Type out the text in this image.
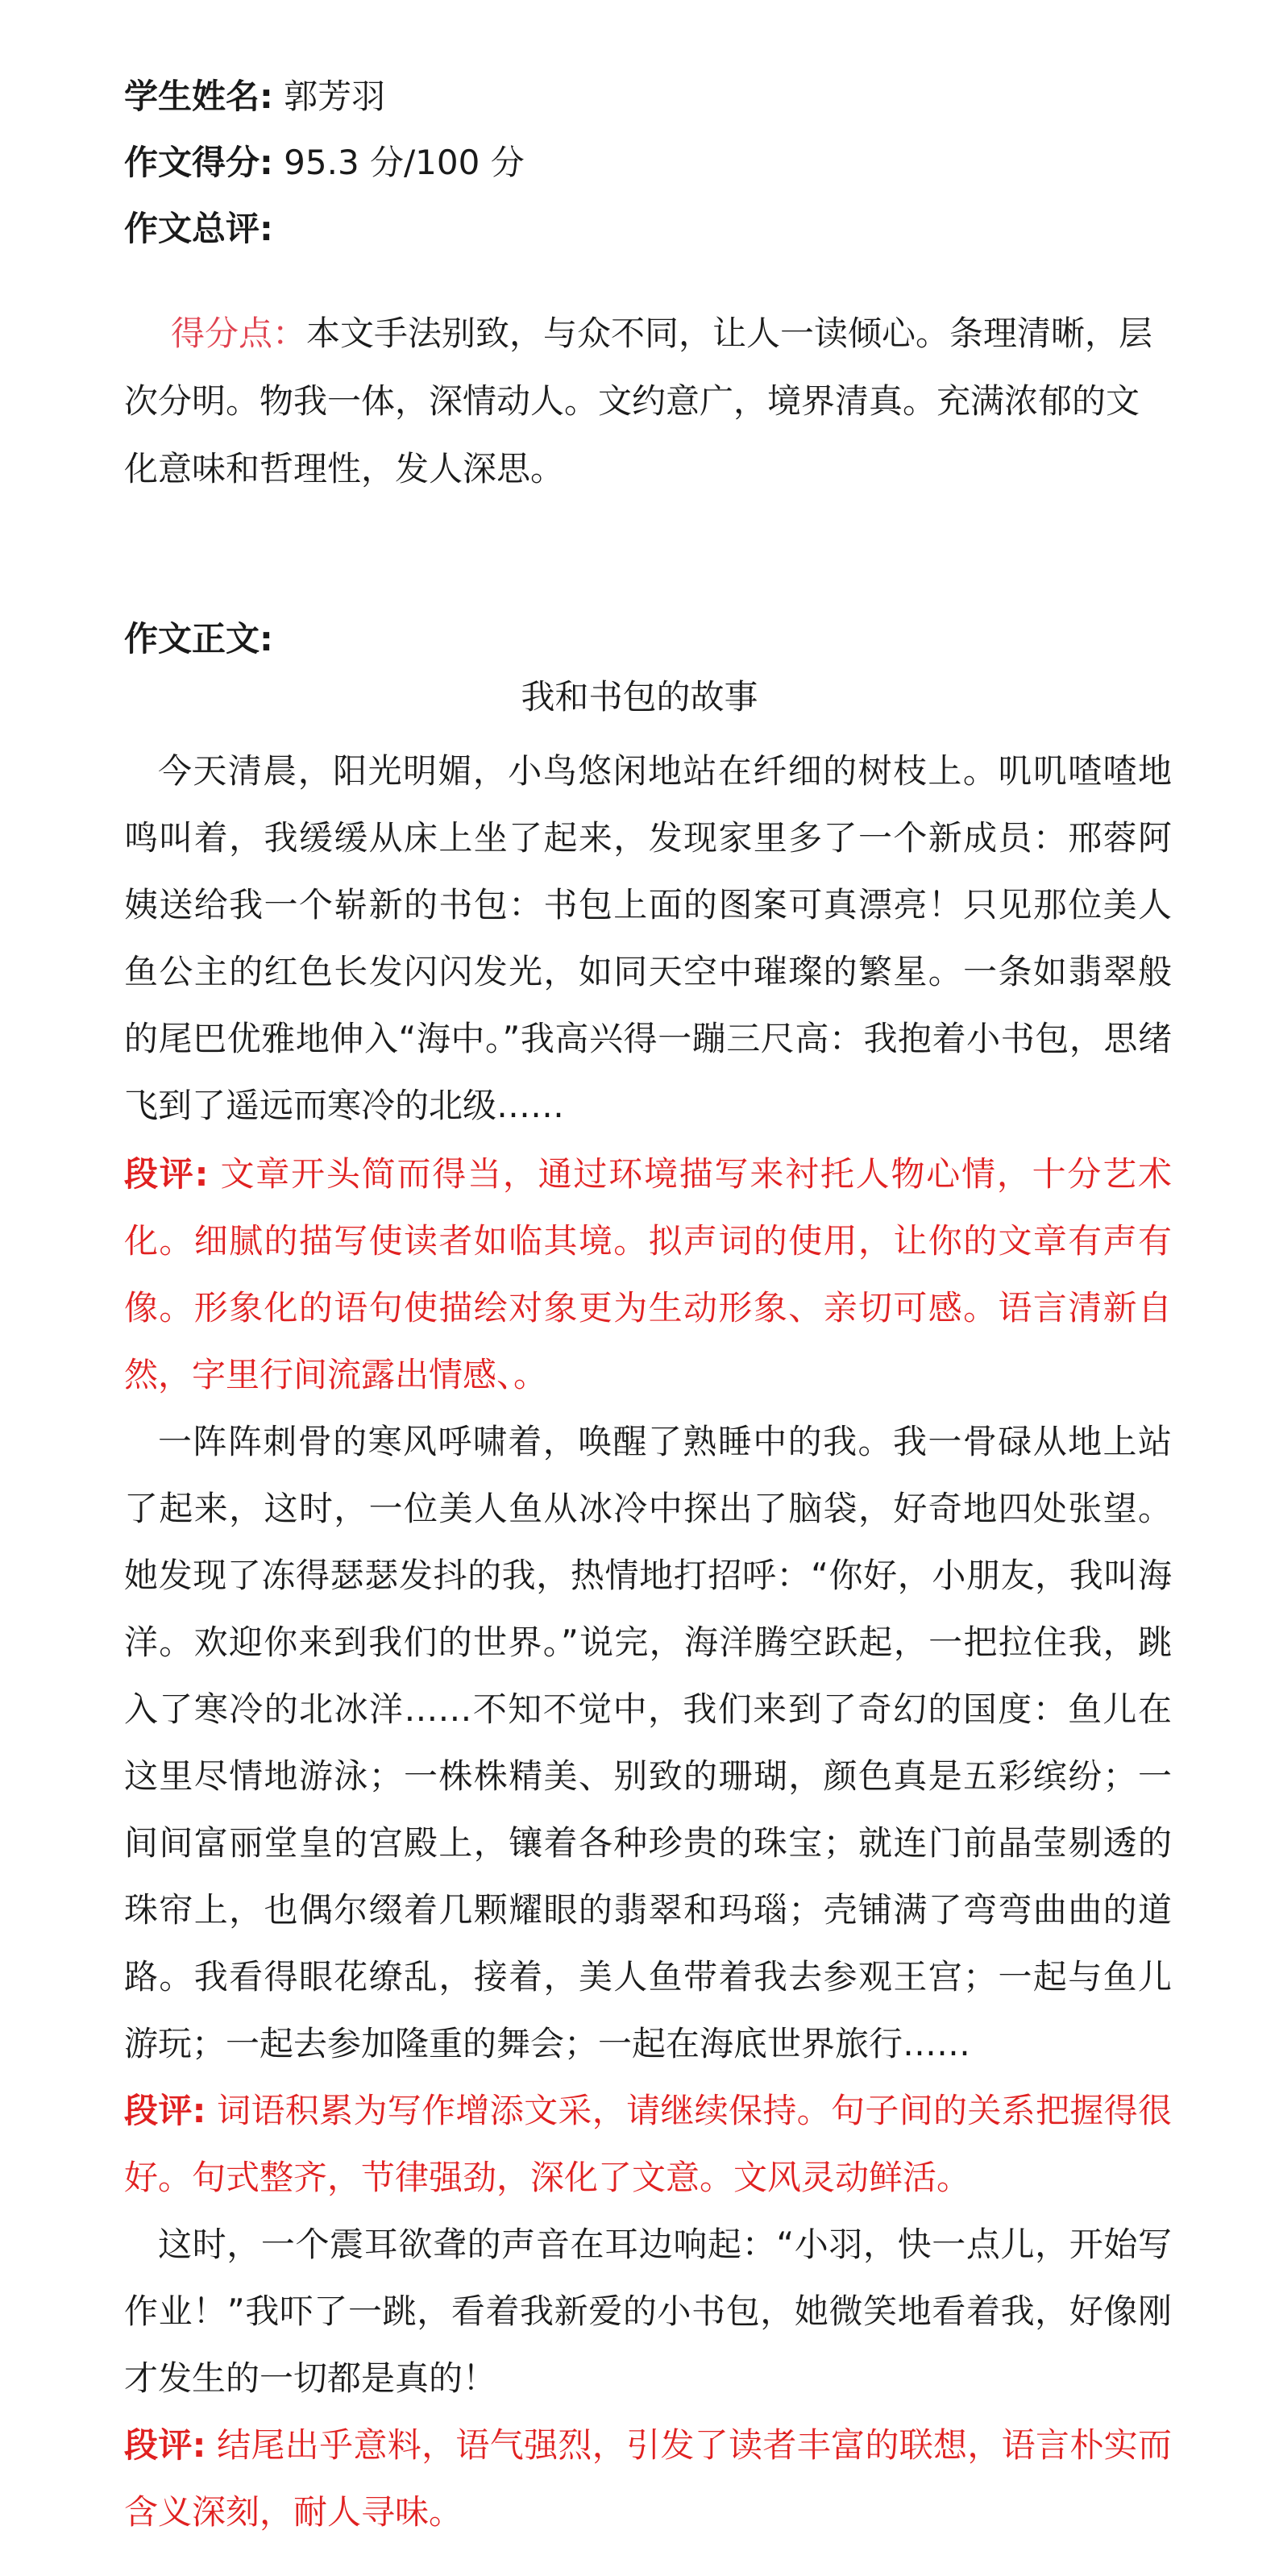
学生姓名: 郭芳羽
作文得分: 95.3 分/100 分
作文总评:
得分点：本文手法别致，与众不同，让人一读倾心。条理清晰，层次分明。物我一体，深情动人。文约意广，境界清真。充满浓郁的文化意味和哲理性，发人深思。
作文正文:
我和书包的故事
今天清晨，阳光明媚，小鸟悠闲地站在纤细的树枝上。叽叽喳喳地鸣叫着，我缓缓从床上坐了起来，发现家里多了一个新成员：邢蓉阿姨送给我一个崭新的书包：书包上面的图案可真漂亮！只见那位美人鱼公主的红色长发闪闪发光，如同天空中璀璨的繁星。一条如翡翠般的尾巴优雅地伸入“海中。”我高兴得一蹦三尺高：我抱着小书包，思绪飞到了遥远而寒冷的北级……
段评: 文章开头简而得当，通过环境描写来衬托人物心情，十分艺术化。细腻的描写使读者如临其境。拟声词的使用，让你的文章有声有像。形象化的语句使描绘对象更为生动形象、亲切可感。语言清新自然，字里行间流露出情感、。
一阵阵刺骨的寒风呼啸着，唤醒了熟睡中的我。我一骨碌从地上站了起来，这时，一位美人鱼从冰冷中探出了脑袋，好奇地四处张望。她发现了冻得瑟瑟发抖的我，热情地打招呼：“你好，小朋友，我叫海洋。欢迎你来到我们的世界。”说完，海洋腾空跃起，一把拉住我，跳入了寒冷的北冰洋……不知不觉中，我们来到了奇幻的国度：鱼儿在这里尽情地游泳；一株株精美、别致的珊瑚，颜色真是五彩缤纷；一间间富丽堂皇的宫殿上，镶着各种珍贵的珠宝；就连门前晶莹剔透的珠帘上，也偶尔缀着几颗耀眼的翡翠和玛瑙；壳铺满了弯弯曲曲的道路。我看得眼花缭乱，接着，美人鱼带着我去参观王宫；一起与鱼儿游玩；一起去参加隆重的舞会；一起在海底世界旅行……
段评: 词语积累为写作增添文采，请继续保持。句子间的关系把握得很好。句式整齐，节律强劲，深化了文意。文风灵动鲜活。
这时，一个震耳欲聋的声音在耳边响起：“小羽，快一点儿，开始写作业！”我吓了一跳，看着我新爱的小书包，她微笑地看着我，好像刚才发生的一切都是真的！
段评: 结尾出乎意料，语气强烈，引发了读者丰富的联想，语言朴实而含义深刻，耐人寻味。
